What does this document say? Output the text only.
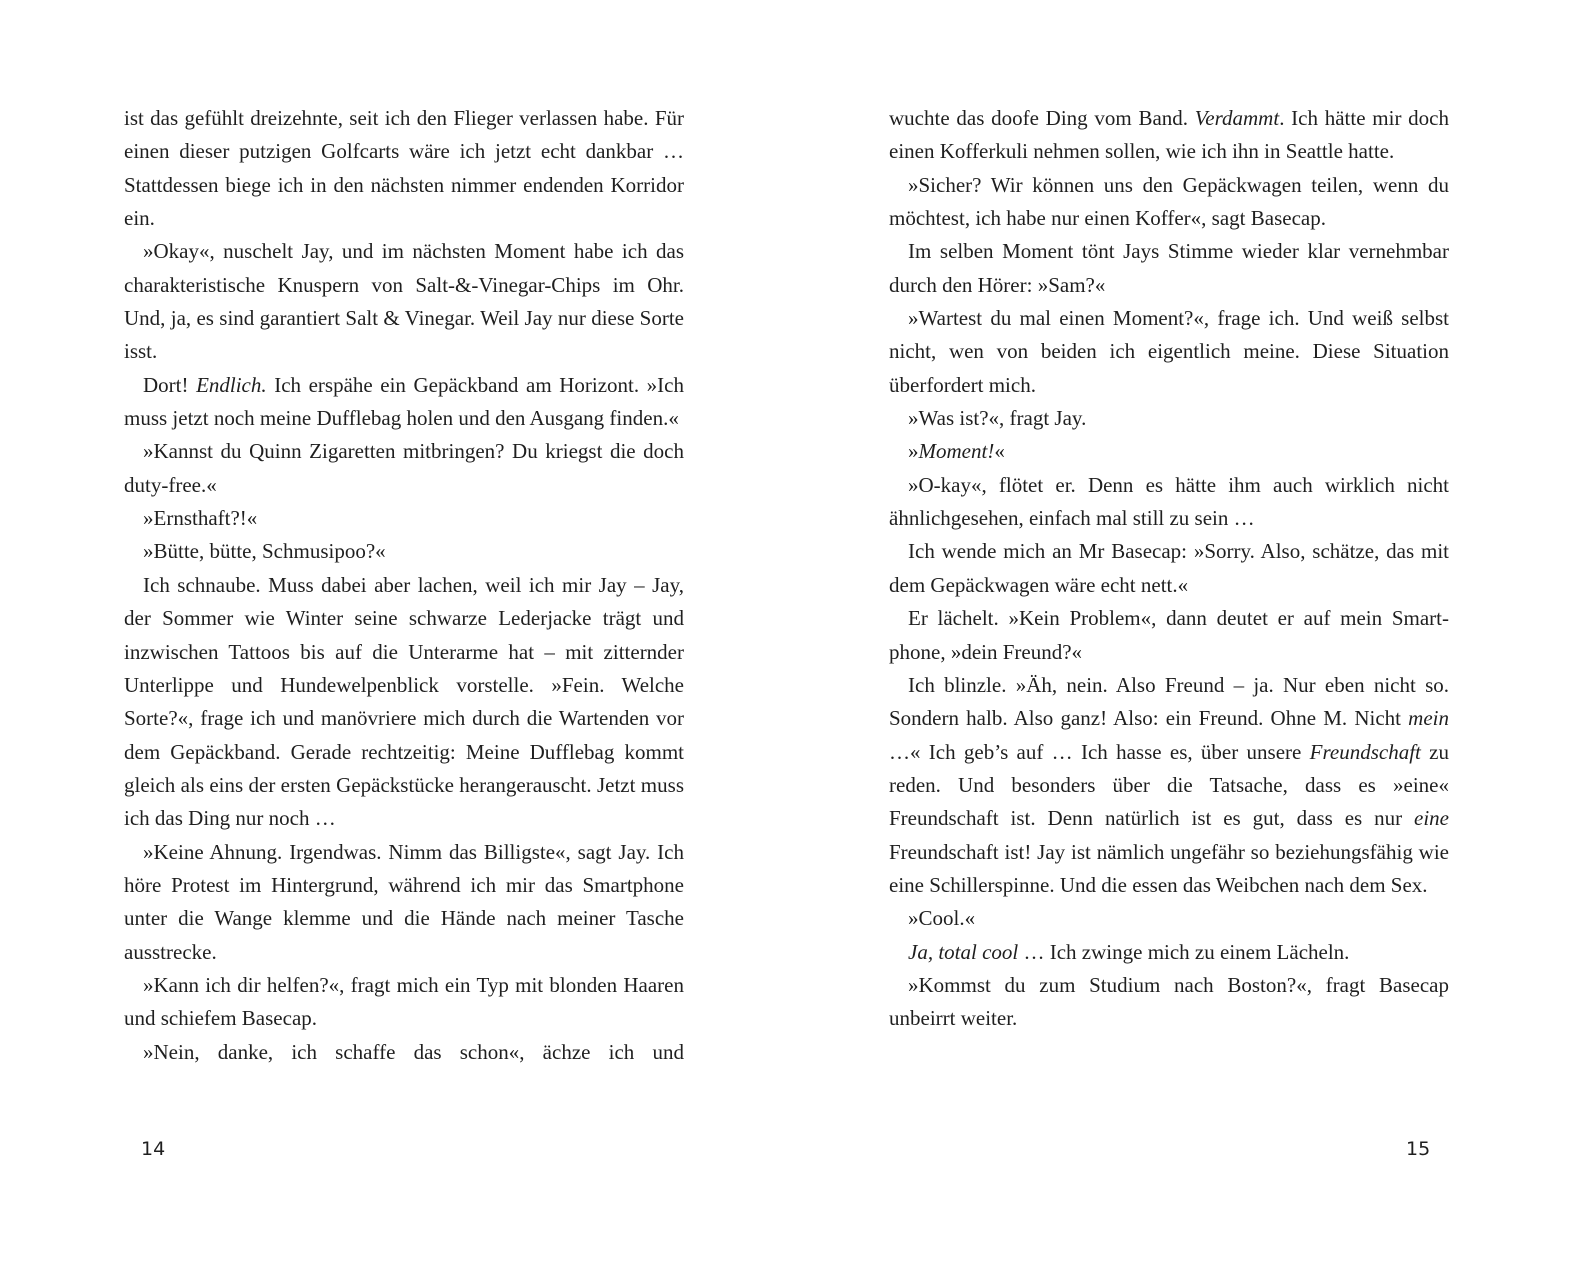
ist das gefühlt dreizehnte, seit ich den Flieger verlassen habe. Für einen dieser putzigen Golfcarts wäre ich jetzt echt dankbar … Stattdessen biege ich in den nächsten nimmer endenden Korridor ein.

»Okay«, nuschelt Jay, und im nächsten Moment habe ich das charakteristische Knuspern von Salt-&-Vinegar-Chips im Ohr. Und, ja, es sind garantiert Salt & Vinegar. Weil Jay nur diese Sorte isst.

Dort! Endlich. Ich erspähe ein Gepäckband am Horizont. »Ich muss jetzt noch meine Dufflebag holen und den Ausgang finden.«

»Kannst du Quinn Zigaretten mitbringen? Du kriegst die doch duty-free.«

»Ernsthaft?!«

»Bütte, bütte, Schmusipoo?«

Ich schnaube. Muss dabei aber lachen, weil ich mir Jay – Jay, der Sommer wie Winter seine schwarze Lederjacke trägt und inzwischen Tattoos bis auf die Unterarme hat – mit zitternder Unterlippe und Hundewelpenblick vorstelle. »Fein. Welche Sorte?«, frage ich und manövriere mich durch die Wartenden vor dem Gepäckband. Gerade rechtzeitig: Meine Dufflebag kommt gleich als eins der ersten Gepäckstücke herangerauscht. Jetzt muss ich das Ding nur noch …

»Keine Ahnung. Irgendwas. Nimm das Billigste«, sagt Jay. Ich höre Protest im Hintergrund, während ich mir das Smartphone unter die Wange klemme und die Hände nach meiner Tasche ausstrecke.

»Kann ich dir helfen?«, fragt mich ein Typ mit blonden Haaren und schiefem Basecap.

»Nein, danke, ich schaffe das schon«, ächze ich und

wuchte das doofe Ding vom Band. Verdammt. Ich hätte mir doch einen Kofferkuli nehmen sollen, wie ich ihn in Seattle hatte.

»Sicher? Wir können uns den Gepäckwagen teilen, wenn du möchtest, ich habe nur einen Koffer«, sagt Basecap.

Im selben Moment tönt Jays Stimme wieder klar vernehmbar durch den Hörer: »Sam?«

»Wartest du mal einen Moment?«, frage ich. Und weiß selbst nicht, wen von beiden ich eigentlich meine. Diese Situation überfordert mich.

»Was ist?«, fragt Jay.

»Moment!«

»O-kay«, flötet er. Denn es hätte ihm auch wirklich nicht ähnlichgesehen, einfach mal still zu sein …

Ich wende mich an Mr Basecap: »Sorry. Also, schätze, das mit dem Gepäckwagen wäre echt nett.«

Er lächelt. »Kein Problem«, dann deutet er auf mein Smartphone, »dein Freund?«

Ich blinzle. »Äh, nein. Also Freund – ja. Nur eben nicht so. Sondern halb. Also ganz! Also: ein Freund. Ohne M. Nicht mein …« Ich geb’s auf … Ich hasse es, über unsere Freundschaft zu reden. Und besonders über die Tatsache, dass es »eine« Freundschaft ist. Denn natürlich ist es gut, dass es nur eine Freundschaft ist! Jay ist nämlich ungefähr so beziehungsfähig wie eine Schillerspinne. Und die essen das Weibchen nach dem Sex.

»Cool.«

Ja, total cool … Ich zwinge mich zu einem Lächeln.

»Kommst du zum Studium nach Boston?«, fragt Basecap unbeirrt weiter.

14	15
